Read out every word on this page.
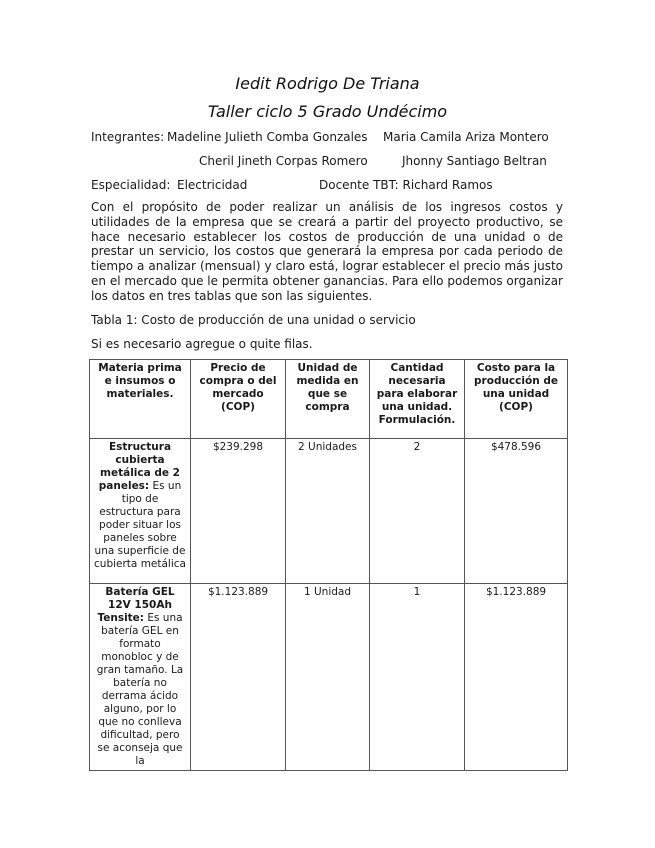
Iedit Rodrigo De Triana
Taller ciclo 5 Grado Undécimo
Integrantes: Madeline Julieth Comba Gonzales Maria Camila Ariza Montero
Cheril Jineth Corpas Romero	Jhonny Santiago Beltran
Especialidad: Electricidad	Docente TBT: Richard Ramos

Con el propósito de poder realizar un análisis de los ingresos costos y utilidades de la empresa que se creará a partir del proyecto productivo, se hace necesario establecer los costos de producción de una unidad o de prestar un servicio, los costos que generará la empresa por cada periodo de tiempo a analizar (mensual) y claro está, lograr establecer el precio más justo en el mercado que le permita obtener ganancias. Para ello podemos organizar los datos en tres tablas que son las siguientes.

Tabla 1: Costo de producción de una unidad o servicio
Si es necesario agregue o quite filas.
Materia prima e insumos o materiales.	Precio de compra o del mercado (COP)	Unidad de medida en que se compra	Cantidad necesaria para elaborar una unidad. Formulación.	Costo para la producción de una unidad (COP)
Estructura cubierta metálica de 2 paneles: Es un tipo de estructura para poder situar los paneles sobre una superficie de cubierta metálica	$239.298	2 Unidades	2	$478.596
Batería GEL 12V 150Ah Tensite: Es una batería GEL en formato monobloc y de gran tamaño. La batería no derrama ácido alguno, por lo que no conlleva dificultad, pero se aconseja que la	$1.123.889	1 Unidad	1	$1.123.889
